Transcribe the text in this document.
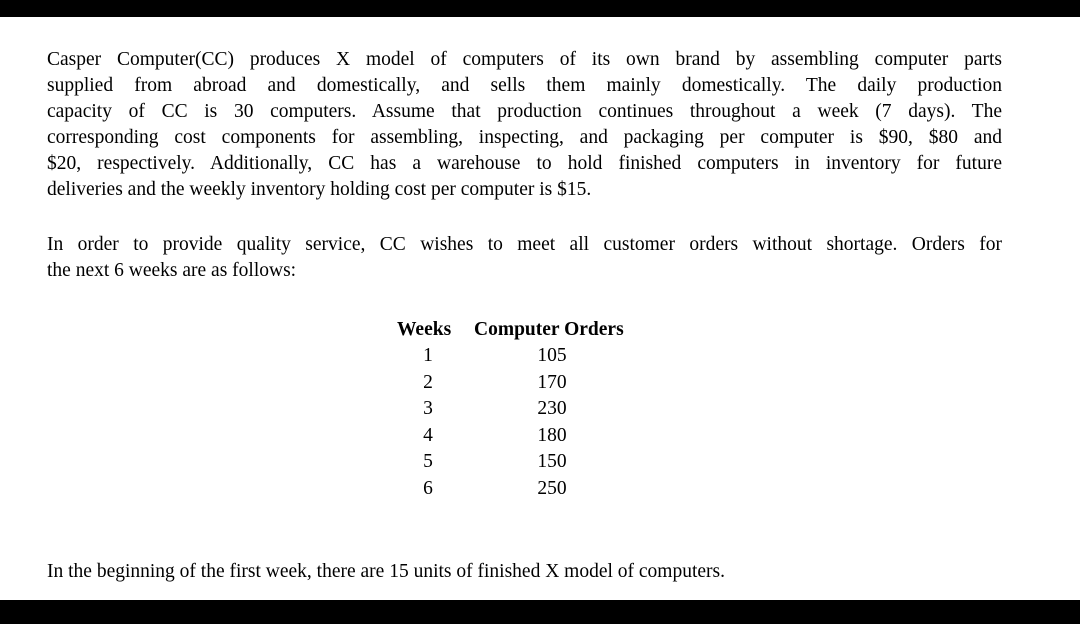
Casper Computer(CC) produces X model of computers of its own brand by assembling computer parts
supplied from abroad and domestically, and sells them mainly domestically. The daily production
capacity of CC is 30 computers. Assume that production continues throughout a week (7 days). The
corresponding cost components for assembling, inspecting, and packaging per computer is $90, $80 and
$20, respectively. Additionally, CC has a warehouse to hold finished computers in inventory for future
deliveries and the weekly inventory holding cost per computer is $15.
In order to provide quality service, CC wishes to meet all customer orders without shortage. Orders for
the next 6 weeks are as follows:
Weeks Computer Orders
1
2
3
4
5
6
105
170
230
180
150
250
In the beginning of the first week, there are 15 units of finished X model of computers.
